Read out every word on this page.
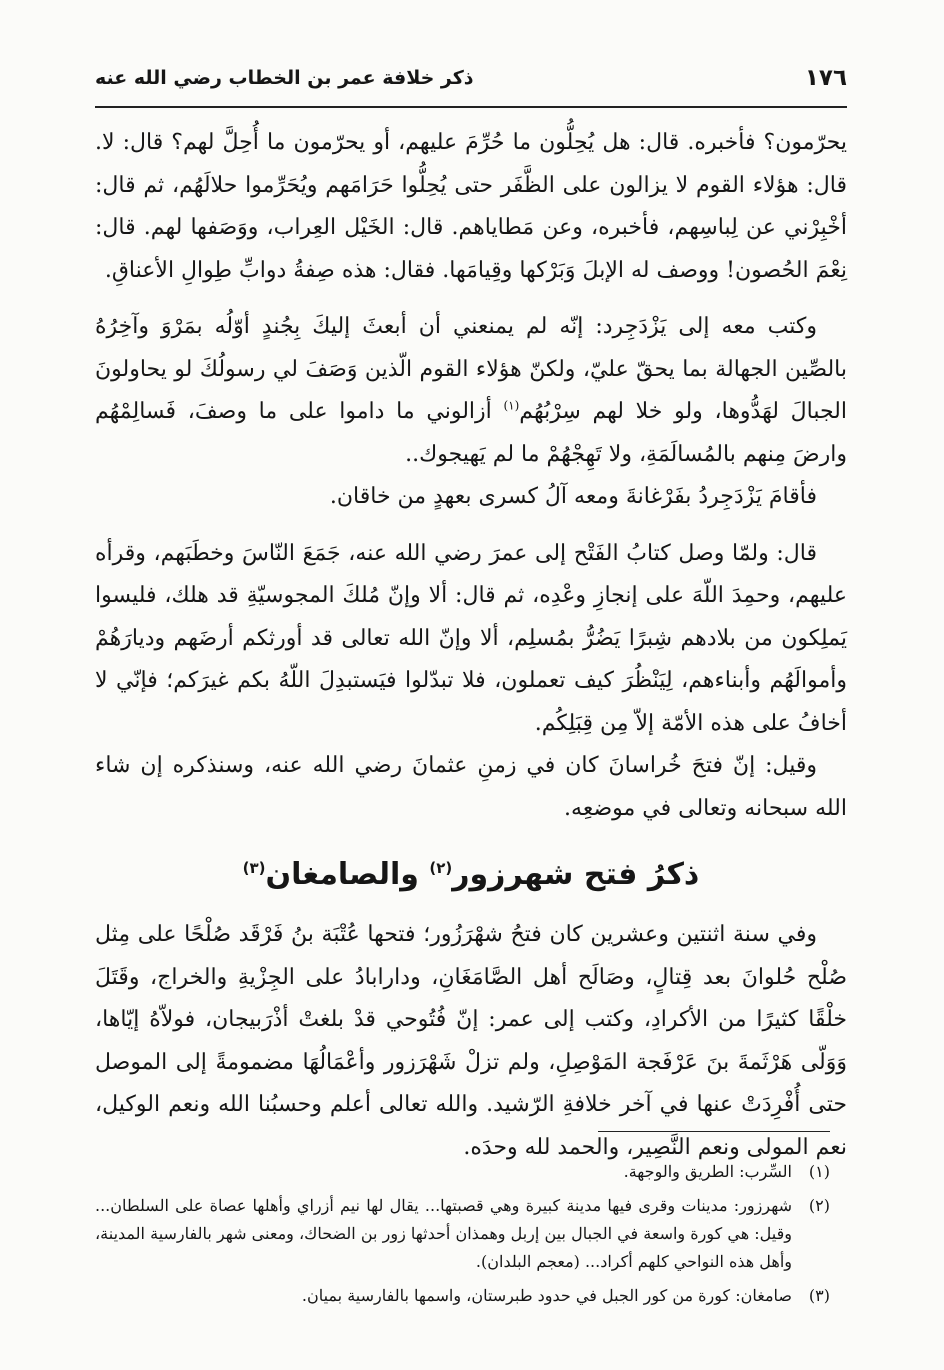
١٧٦
ذكر خلافة عمر بن الخطاب رضي الله عنه

يحرّمون؟ فأخبره. قال: هل يُحِلُّون ما حُرِّمَ عليهم، أو يحرّمون ما أُحِلَّ لهم؟ قال: لا. قال: هؤلاء القوم لا يزالون على الظَّفَر حتى يُحِلُّوا حَرَامَهم ويُحَرِّموا حلالَهُم، ثم قال: أخْبِرْني عن لِباسِهم، فأخبره، وعن مَطاياهم. قال: الخَيْل العِراب، ووَصَفها لهم. قال: نِعْمَ الحُصون! ووصف له الإبلَ وَبَرْكها وقِيامَها. فقال: هذه صِفةُ دوابِّ طِوالِ الأعناقِ.

وكتب معه إلى يَزْدَجِرد: إنّه لم يمنعني أن أبعثَ إليكَ بِجُندٍ أوّلُه بمَرْوَ وآخِرُهُ بالصِّين الجهالة بما يحقّ عليّ، ولكنّ هؤلاء القوم الّذين وَصَفَ لي رسولُكَ لو يحاولونَ الجبالَ لهَدُّوها، ولو خلا لهم سِرْبُهُم$^{(١)}$ أزالوني ما داموا على ما وصفَ، فَسالِمْهُم وارضَ مِنهم بالمُسالَمَةِ، ولا تَهِجْهُمْ ما لم يَهيجوك..

فأقامَ يَزْدَجِردُ بفَرْغانةَ ومعه آلُ كسرى بعهدٍ من خاقان.

قال: ولمّا وصل كتابُ الفَتْح إلى عمرَ رضي الله عنه، جَمَعَ النّاسَ وخطَبَهم، وقرأه عليهم، وحمِدَ اللّهَ على إنجازِ وعْدِه، ثم قال: ألا وإنّ مُلكَ المجوسيّةِ قد هلك، فليسوا يَملِكون من بلادهم شِبرًا يَضُرُّ بمُسلِم، ألا وإنّ الله تعالى قد أورثكم أرضَهم وديارَهُمْ وأموالَهُم وأبناءهم، لِيَنْظُرَ كيف تعملون، فلا تبدّلوا فيَستبدِلَ اللّهُ بكم غيرَكم؛ فإنّي لا أخافُ على هذه الأمّة إلاّ مِن قِبَلِكُم.

وقيل: إنّ فتحَ خُراسانَ كان في زمنِ عثمانَ رضي الله عنه، وسنذكره إن شاء الله سبحانه وتعالى في موضعِه.

ذكرُ فتح شهرزور$^{(٢)}$ والصامغان$^{(٣)}$

وفي سنة اثنتين وعشرين كان فتحُ شهْرَزُور؛ فتحها عُتْبَة بنُ فَرْقَد صُلْحًا على مِثل صُلْح حُلوانَ بعد قِتالٍ، وصَالَح أهل الصَّامَغَانِ، ودارابادُ على الجِزْيةِ والخراج، وقَتَلَ خلْقًا كثيرًا من الأكرادِ، وكتب إلى عمر: إنّ فُتُوحي قدْ بلغتْ أذْرَبيجان، فولاّهُ إيّاها، وَوَلّى هَرْثَمةَ بنَ عَرْفَجة المَوْصِلِ، ولم تزلْ شَهْرَزور وأعْمَالُهَا مضمومةً إلى الموصل حتى أُفْرِدَتْ عنها في آخر خلافةِ الرّشيد. والله تعالى أعلم وحسبُنا الله ونعم الوكيل، نعم المولى ونعم النَّصِير، والحمد لله وحدَه.

(١)
السِّرب: الطريق والوجهة.
(٢)
شهرزور: مدينات وقرى فيها مدينة كبيرة وهي قصبتها... يقال لها نيم أزراي وأهلها عصاة على السلطان... وقيل: هي كورة واسعة في الجبال بين إربل وهمذان أحدثها زور بن الضحاك، ومعنى شهر بالفارسية المدينة، وأهل هذه النواحي كلهم أكراد... (معجم البلدان).
(٣)
صامغان: كورة من كور الجبل في حدود طبرستان، واسمها بالفارسية بميان.
